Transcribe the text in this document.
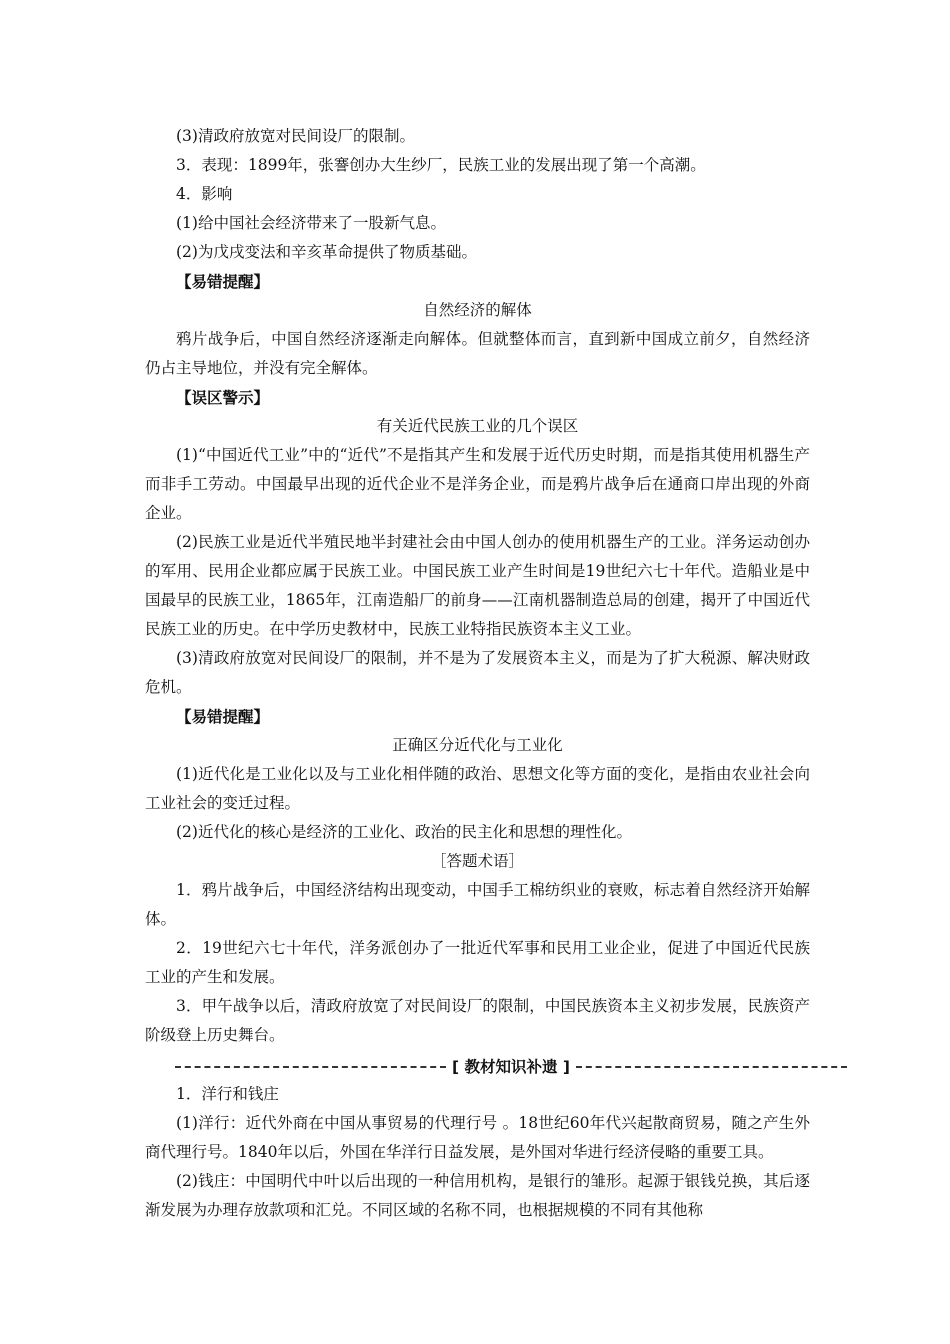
(3)清政府放宽对民间设厂的限制。

3．表现：1899年，张謇创办大生纱厂，民族工业的发展出现了第一个高潮。

4．影响

(1)给中国社会经济带来了一股新气息。

(2)为戊戌变法和辛亥革命提供了物质基础。

【易错提醒】

自然经济的解体

鸦片战争后，中国自然经济逐渐走向解体。但就整体而言，直到新中国成立前夕，自然经济仍占主导地位，并没有完全解体。

【误区警示】

有关近代民族工业的几个误区

(1)“中国近代工业”中的“近代”不是指其产生和发展于近代历史时期，而是指其使用机器生产而非手工劳动。中国最早出现的近代企业不是洋务企业，而是鸦片战争后在通商口岸出现的外商企业。

(2)民族工业是近代半殖民地半封建社会由中国人创办的使用机器生产的工业。洋务运动创办的军用、民用企业都应属于民族工业。中国民族工业产生时间是19世纪六七十年代。造船业是中国最早的民族工业，1865年，江南造船厂的前身——江南机器制造总局的创建，揭开了中国近代民族工业的历史。在中学历史教材中，民族工业特指民族资本主义工业。

(3)清政府放宽对民间设厂的限制，并不是为了发展资本主义，而是为了扩大税源、解决财政危机。

【易错提醒】

正确区分近代化与工业化

(1)近代化是工业化以及与工业化相伴随的政治、思想文化等方面的变化，是指由农业社会向工业社会的变迁过程。

(2)近代化的核心是经济的工业化、政治的民主化和思想的理性化。

［答题术语］

1．鸦片战争后，中国经济结构出现变动，中国手工棉纺织业的衰败，标志着自然经济开始解体。

2．19世纪六七十年代，洋务派创办了一批近代军事和民用工业企业，促进了中国近代民族工业的产生和发展。

3．甲午战争以后，清政府放宽了对民间设厂的限制，中国民族资本主义初步发展，民族资产阶级登上历史舞台。

[ 教材知识补遗 ]

1．洋行和钱庄

(1)洋行：近代外商在中国从事贸易的代理行号 。18世纪60年代兴起散商贸易，随之产生外商代理行号。1840年以后，外国在华洋行日益发展，是外国对华进行经济侵略的重要工具。

(2)钱庄：中国明代中叶以后出现的一种信用机构，是银行的雏形。起源于银钱兑换，其后逐渐发展为办理存放款项和汇兑。不同区域的名称不同，也根据规模的不同有其他称
